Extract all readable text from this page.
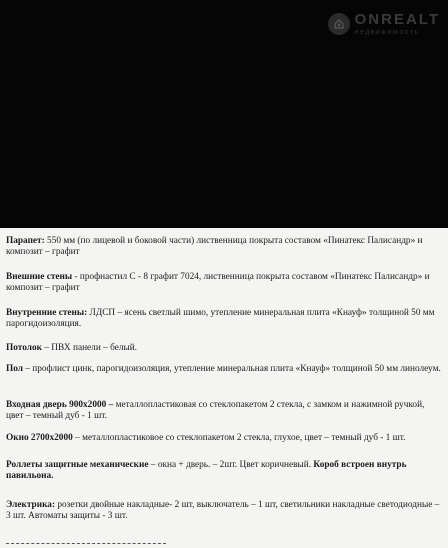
ONREALT
недвижимость
Парапет: 550 мм (по лицевой и боковой части) лиственница покрыта составом «Пинатекс Палисандр» и композит – графит
Внешние стены - профнастил С - 8 графит 7024, лиственница покрыта составом «Пинатекс Палисандр» и композит – графит
Внутренние стены: ЛДСП – ясень светлый шимо, утепление минеральная плита «Кнауф» толщиной 50 мм парогидоизоляция.
Потолок – ПВХ панели – белый.
Пол – профлист цинк, парогидоизоляция, утепление минеральная плита «Кнауф» толщиной 50 мм линолеум.
Входная дверь 900х2000 – металлопластиковая со стеклопакетом 2 стекла, с замком и нажимной ручкой, цвет – темный дуб - 1 шт.
Окно 2700х2000 – металлопластиковое со стеклопакетом 2 стекла, глухое, цвет – темный дуб - 1 шт.
Роллеты защитные механические – окна + дверь. – 2шт. Цвет коричневый. Короб встроен внутрь павильона.
Электрика: розетки двойные накладные- 2 шт, выключатель – 1 шт, светильники накладные светодиодные – 3 шт. Автоматы защиты - 3 шт.
